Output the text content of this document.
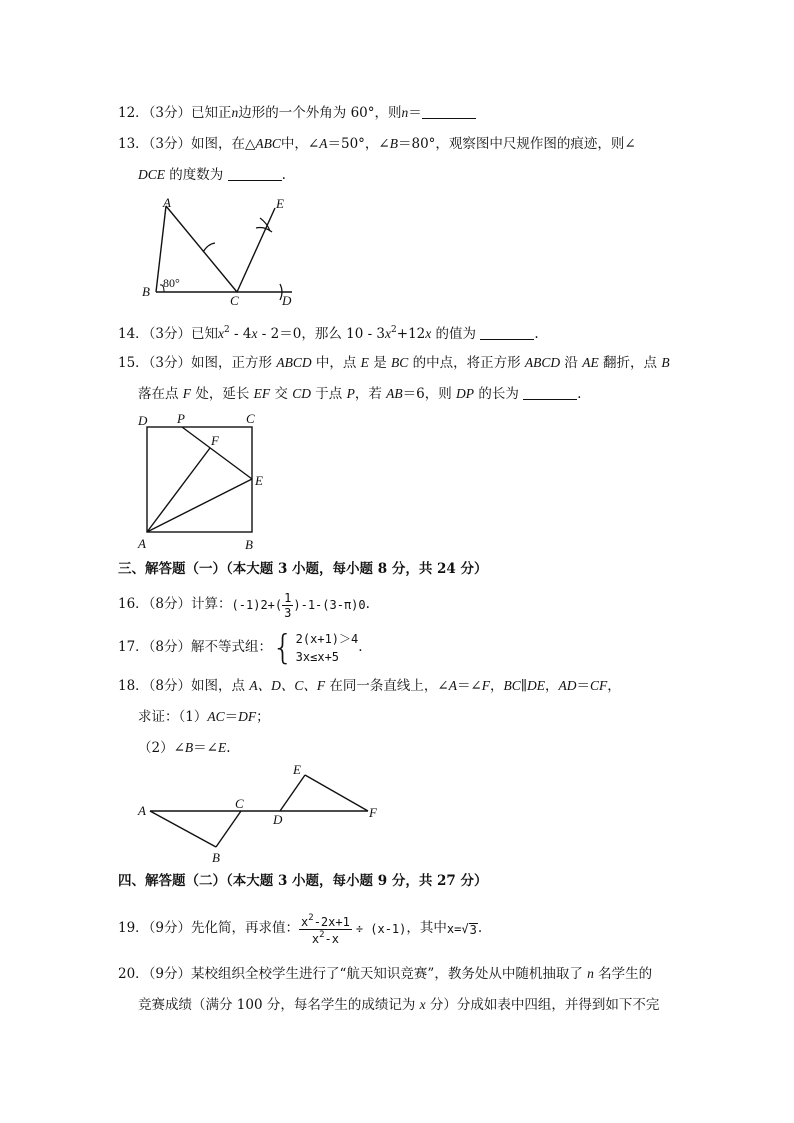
12．（3分）已知正n边形的一个外角为 60°，则n＝
13．（3分）如图，在△ABC中，∠A＝50°，∠B＝80°，观察图中尺规作图的痕迹，则∠
DCE 的度数为	.
A
B
C	D
E
80°
14．（3分）已知$x^2 - 4x - 2=0$，那么 $10 - 3x^2+12x$ 的值为	.
15．（3分）如图，正方形 ABCD 中，点 E 是 BC 的中点，将正方形 ABCD 沿 AE 翻折，点 B
落在点 F 处，延长 EF 交 CD 于点 P，若 AB＝6，则 DP 的长为	.
D P	C
F
E
A	B
三、解答题（一）（本大题 3 小题，每小题 8 分，共 24 分）
16．（8分） 计算： (-1) 2 +( $\frac{1}{3}$ ) -1 -(3-π) 0 .
17．（8分） 解不等式组： { 2(x+1)＞4
3x≤x+5
.
18．（8分）如图，点 A、D、C、F 在同一条直线上，∠A＝∠F，BC∥DE，AD＝CF，
求证：（1）AC＝DF；
（2）∠B＝∠E.
A
B
C
D
E
F
四、解答题（二）（本大题 3 小题，每小题 9 分，共 27 分）
19．（9分） 先化简，再求值： $\frac{x^2-2x+1}{x^2-x} \div (x-1)$ ，其中 x= √ 3 .
20．（9分）某校组织全校学生进行了“航天知识竞赛”，教务处从中随机抽取了 n 名学生的
竞赛成绩（满分 100 分，每名学生的成绩记为 x 分）分成如表中四组，并得到如下不完
